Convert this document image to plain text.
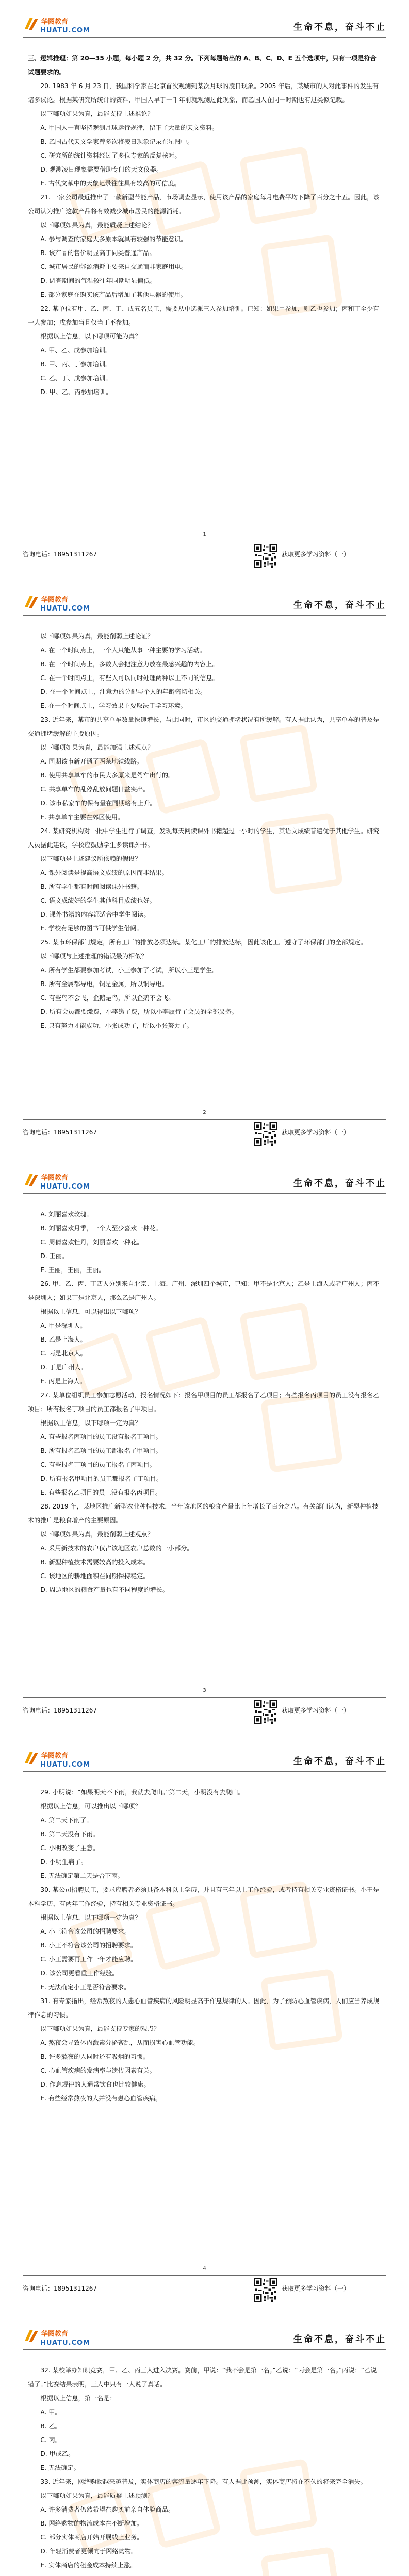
华图教育
HUATU.COM	生命不息，奋斗不止

三、逻辑推理：第 20—35 小题，每小题 2 分，共 32 分。下列每题给出的 A、B、C、D、E 五个选项中，只有一项是符合试题要求的。

20. 1983 年 6 月 23 日，我国科学家在北京首次观测到某次月球的凌日现象。2005 年后，某城市的人对此事件的发生有诸多议论。根据某研究所统计的资料，甲国人早于一千年前就观测过此现象，而乙国人在同一时期也有过类似记载。

以下哪项如果为真，最能支持上述推论？

A. 甲国人一直坚持观测月球运行规律，留下了大量的天文资料。

B. 乙国古代天文学家曾多次将凌日现象记录在星图中。

C. 研究所的统计资料经过了多位专家的反复核对。

D. 观测凌日现象需要借助专门的天文仪器。

E. 古代文献中的天象记录往往具有较高的可信度。

21. 一家公司最近推出了一款新型节能产品，市场调查显示，使用该产品的家庭每月电费平均下降了百分之十五。因此，该公司认为推广这款产品将有效减少城市居民的能源消耗。

以下哪项如果为真，最能质疑上述结论？

A. 参与调查的家庭大多原本就具有较强的节能意识。

B. 该产品的售价明显高于同类普通产品。

C. 城市居民的能源消耗主要来自交通而非家庭用电。

D. 调查期间的气温较往年同期明显偏低。

E. 部分家庭在购买该产品后增加了其他电器的使用。

22. 某单位有甲、乙、丙、丁、戊五名员工，需要从中选派三人参加培训。已知：如果甲参加，则乙也参加；丙和丁至少有一人参加；戊参加当且仅当丁不参加。

根据以上信息，以下哪项可能为真？

A. 甲、乙、戊参加培训。

B. 甲、丙、丁参加培训。

C. 乙、丁、戊参加培训。

D. 甲、乙、丙参加培训。

1
咨询电话：18951311267	获取更多学习资料（一）
华图教育
HUATU.COM	生命不息，奋斗不止

以下哪项如果为真，最能削弱上述论证？

A. 在一个时间点上，一个人只能从事一种主要的学习活动。

B. 在一个时间点上，多数人会把注意力放在最感兴趣的内容上。

C. 在一个时间点上，有些人可以同时处理两种以上不同的信息。

D. 在一个时间点上，注意力的分配与个人的年龄密切相关。

E. 在一个时间点上，学习效果主要取决于学习环境。

23. 近年来，某市的共享单车数量快速增长，与此同时，市区的交通拥堵状况有所缓解。有人据此认为，共享单车的普及是交通拥堵缓解的主要原因。

以下哪项如果为真，最能加强上述观点？

A. 同期该市新开通了两条地铁线路。

B. 使用共享单车的市民大多原来是驾车出行的。

C. 共享单车的乱停乱放问题日益突出。

D. 该市私家车的保有量在同期略有上升。

E. 共享单车主要在郊区使用。

24. 某研究机构对一批中学生进行了调查，发现每天阅读课外书籍超过一小时的学生，其语文成绩普遍优于其他学生。研究人员据此建议，学校应鼓励学生多读课外书。

以下哪项是上述建议所依赖的假设？

A. 课外阅读是提高语文成绩的原因而非结果。

B. 所有学生都有时间阅读课外书籍。

C. 语文成绩好的学生其他科目成绩也好。

D. 课外书籍的内容都适合中学生阅读。

E. 学校有足够的图书可供学生借阅。

25. 某市环保部门规定，所有工厂的排放必须达标。某化工厂的排放达标，因此该化工厂遵守了环保部门的全部规定。

以下哪项与上述推理的错误最为相似？

A. 所有学生都要参加考试，小王参加了考试，所以小王是学生。

B. 所有金属都导电，铜是金属，所以铜导电。

C. 有些鸟不会飞，企鹅是鸟，所以企鹅不会飞。

D. 所有会员都要缴费，小李缴了费，所以小李履行了会员的全部义务。

E. 只有努力才能成功，小张成功了，所以小张努力了。

2
咨询电话：18951311267	获取更多学习资料（一）
华图教育
HUATU.COM	生命不息，奋斗不止

A. 刘丽喜欢玫瑰。

B. 刘丽喜欢月季，一个人至少喜欢一种花。

C. 周倩喜欢牡丹，刘丽喜欢一种花。

D. 王丽。

E. 王丽，王丽，王丽。

26. 甲、乙、丙、丁四人分别来自北京、上海、广州、深圳四个城市，已知：甲不是北京人；乙是上海人或者广州人；丙不是深圳人；如果丁是北京人，那么乙是广州人。

根据以上信息，可以得出以下哪项？

A. 甲是深圳人。

B. 乙是上海人。

C. 丙是北京人。

D. 丁是广州人。

E. 丙是上海人。

27. 某单位组织员工参加志愿活动，报名情况如下：报名甲项目的员工都报名了乙项目；有些报名丙项目的员工没有报名乙项目；所有报名丁项目的员工都报名了甲项目。

根据以上信息，以下哪项一定为真？

A. 有些报名丙项目的员工没有报名丁项目。

B. 所有报名乙项目的员工都报名了甲项目。

C. 有些报名丁项目的员工报名了丙项目。

D. 所有报名甲项目的员工都报名了丁项目。

E. 有些报名乙项目的员工没有报名丙项目。

28. 2019 年，某地区推广新型农业种植技术，当年该地区的粮食产量比上年增长了百分之八。有关部门认为，新型种植技术的推广是粮食增产的主要原因。

以下哪项如果为真，最能削弱上述观点？

A. 采用新技术的农户仅占该地区农户总数的一小部分。

B. 新型种植技术需要较高的投入成本。

C. 该地区的耕地面积在同期保持稳定。

D. 周边地区的粮食产量也有不同程度的增长。

3
咨询电话：18951311267	获取更多学习资料（一）
华图教育
HUATU.COM	生命不息，奋斗不止

29. 小明说：“如果明天不下雨，我就去爬山。”第二天，小明没有去爬山。

根据以上信息，可以推出以下哪项？

A. 第二天下雨了。

B. 第二天没有下雨。

C. 小明改变了主意。

D. 小明生病了。

E. 无法确定第二天是否下雨。

30. 某公司招聘员工，要求应聘者必须具备本科以上学历，并且有三年以上工作经验，或者持有相关专业资格证书。小王是本科学历，有两年工作经验，持有相关专业资格证书。

根据以上信息，以下哪项一定为真？

A. 小王符合该公司的招聘要求。

B. 小王不符合该公司的招聘要求。

C. 小王需要再工作一年才能应聘。

D. 该公司更看重工作经验。

E. 无法确定小王是否符合要求。

31. 有专家指出，经常熬夜的人患心血管疾病的风险明显高于作息规律的人。因此，为了预防心血管疾病，人们应当养成规律作息的习惯。

以下哪项如果为真，最能支持专家的观点？

A. 熬夜会导致体内激素分泌紊乱，从而损害心血管功能。

B. 许多熬夜的人同时还有吸烟的习惯。

C. 心血管疾病的发病率与遗传因素有关。

D. 作息规律的人通常饮食也比较健康。

E. 有些经常熬夜的人并没有患心血管疾病。

4
咨询电话：18951311267	获取更多学习资料（一）
华图教育
HUATU.COM	生命不息，奋斗不止

32. 某校举办知识竞赛，甲、乙、丙三人进入决赛。赛前，甲说：“我不会是第一名。”乙说：“丙会是第一名。”丙说：“乙说错了。”比赛结果表明，三人中只有一人说了真话。

根据以上信息，第一名是：

A. 甲。

B. 乙。

C. 丙。

D. 甲或乙。

E. 无法确定。

33. 近年来，网络购物越来越普及，实体商店的客流量逐年下降。有人据此预测，实体商店将在不久的将来完全消失。

以下哪项如果为真，最能质疑上述预测？

A. 许多消费者仍然希望在购买前亲自体验商品。

B. 网络购物的物流成本在不断增加。

C. 部分实体商店开始开展线上业务。

D. 年轻消费者更倾向于网络购物。

E. 实体商店的租金成本持续上涨。
